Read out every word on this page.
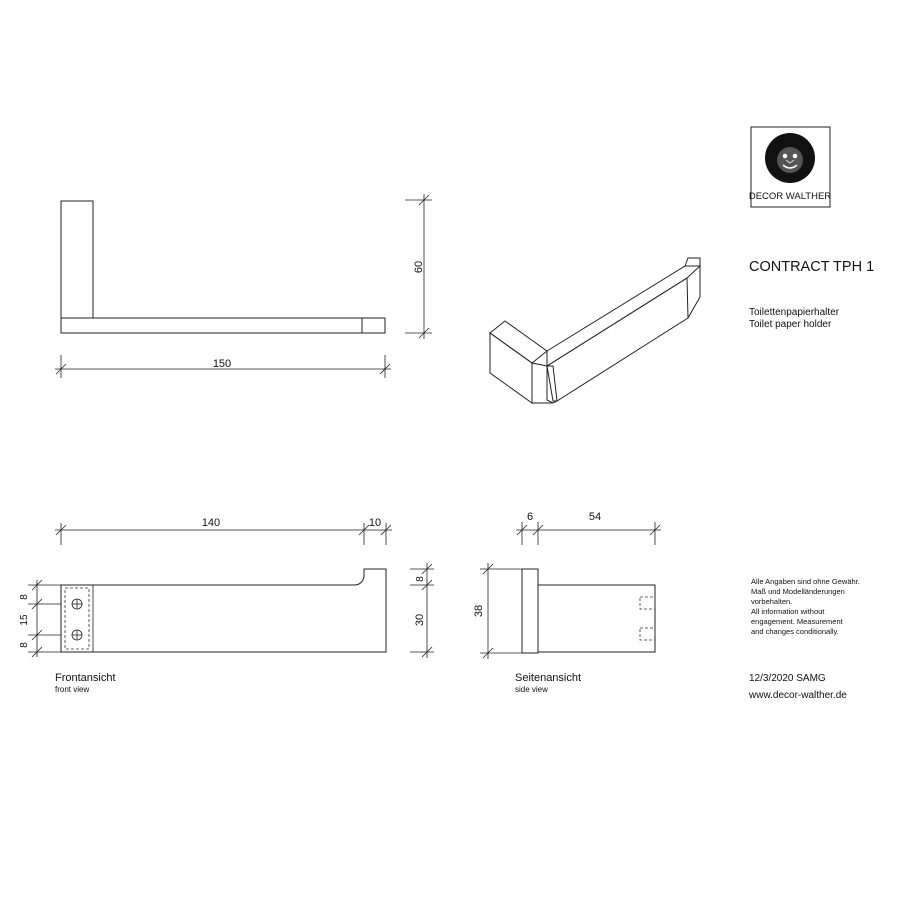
60
150
140	10
8
15
8
8
30
6	54
38
Frontansicht
front view
Seitenansicht
side view
DECOR WALTHER
CONTRACT TPH 1
Toilettenpapierhalter
Toilet paper holder
Alle Angaben sind ohne Gewähr.
Maß und Modelländerungen
vorbehalten.
All information without
engagement. Measurement
and changes conditionally.
12/3/2020 SAMG
www.decor-walther.de
